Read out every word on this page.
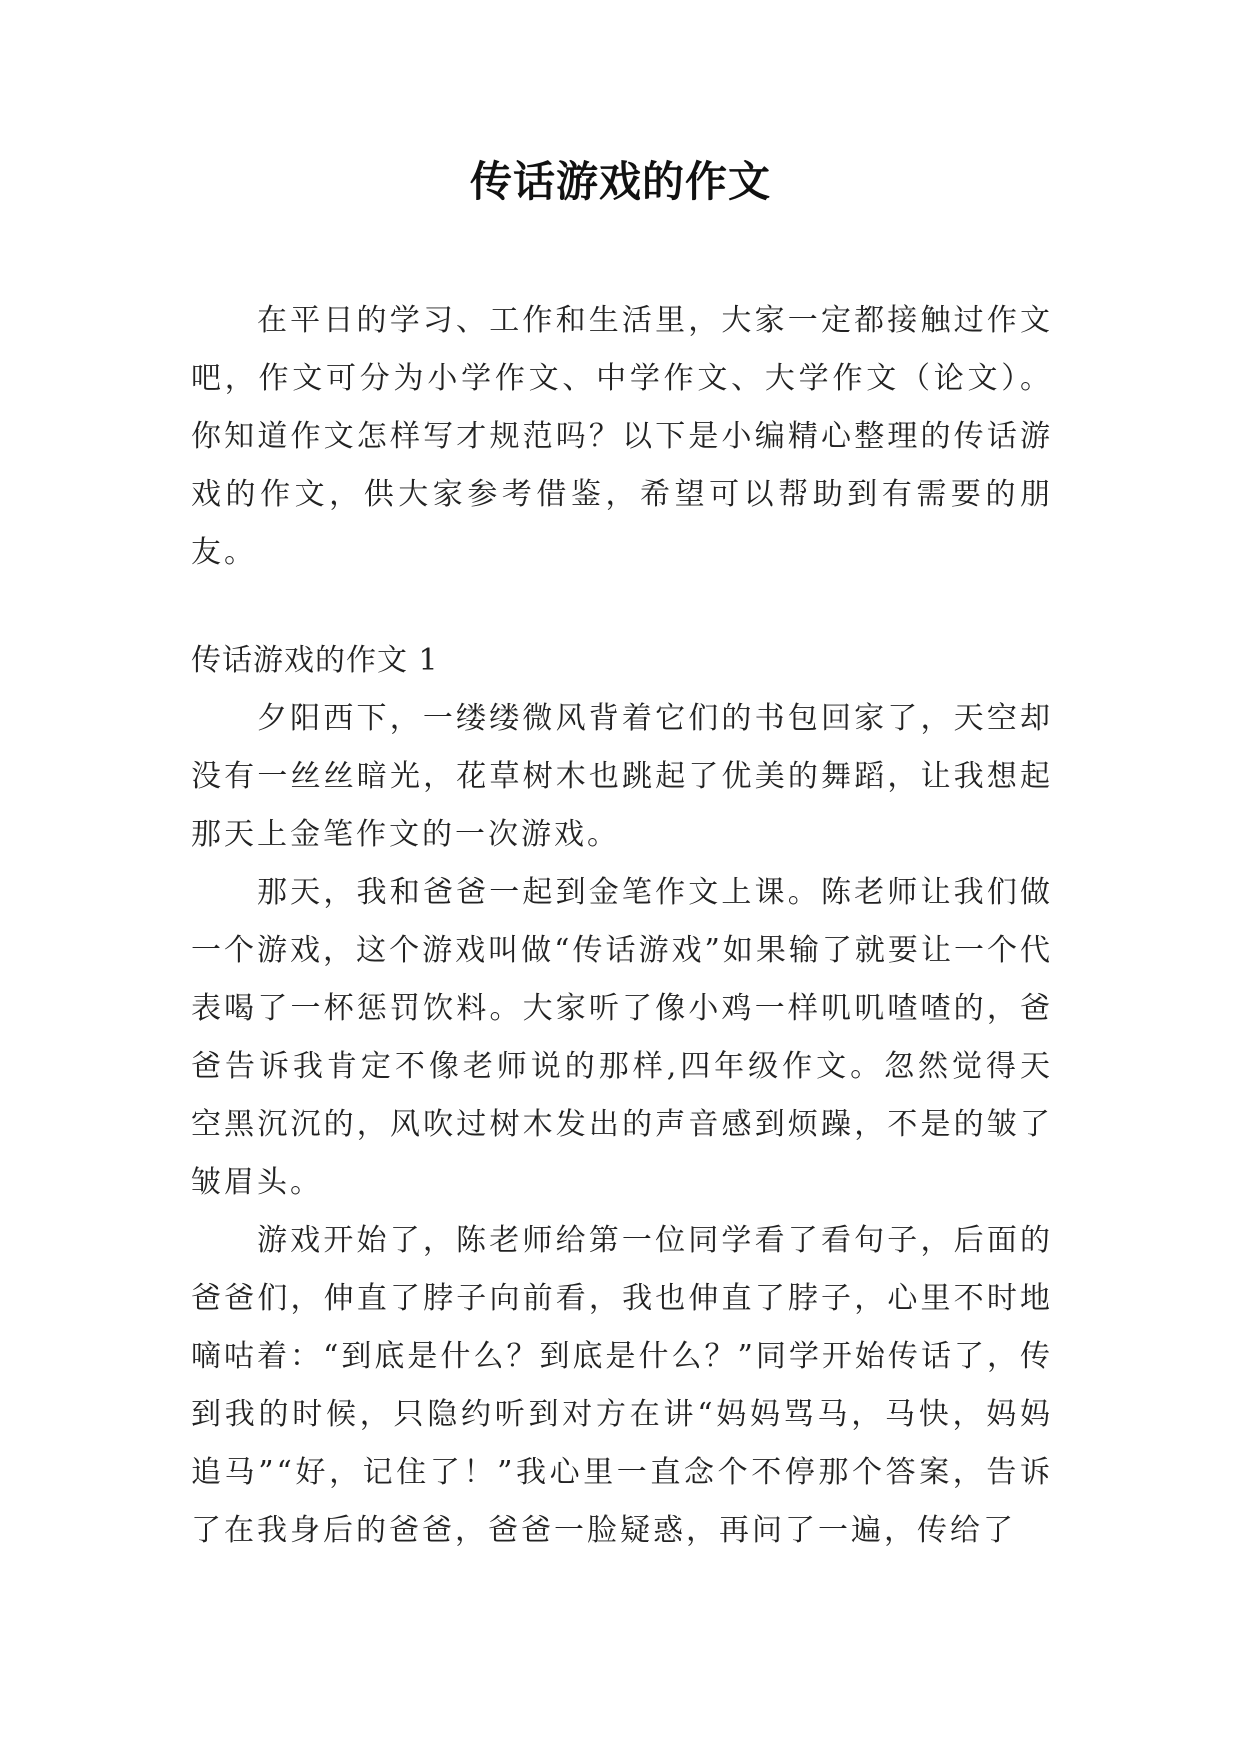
传话游戏的作文

在平日的学习、工作和生活里，大家一定都接触过作文吧，作文可分为小学作文、中学作文、大学作文（论文）。你知道作文怎样写才规范吗？以下是小编精心整理的传话游戏的作文，供大家参考借鉴，希望可以帮助到有需要的朋友。

传话游戏的作文 1

夕阳西下，一缕缕微风背着它们的书包回家了，天空却没有一丝丝暗光，花草树木也跳起了优美的舞蹈，让我想起那天上金笔作文的一次游戏。

那天，我和爸爸一起到金笔作文上课。陈老师让我们做一个游戏，这个游戏叫做“传话游戏”如果输了就要让一个代表喝了一杯惩罚饮料。大家听了像小鸡一样叽叽喳喳的，爸爸告诉我肯定不像老师说的那样,四年级作文。忽然觉得天空黑沉沉的，风吹过树木发出的声音感到烦躁，不是的皱了皱眉头。

游戏开始了，陈老师给第一位同学看了看句子，后面的爸爸们，伸直了脖子向前看，我也伸直了脖子，心里不时地嘀咕着：“到底是什么？到底是什么？”同学开始传话了，传到我的时候，只隐约听到对方在讲“妈妈骂马，马快，妈妈追马”“好，记住了！”我心里一直念个不停那个答案，告诉了在我身后的爸爸，爸爸一脸疑惑，再问了一遍，传给了
